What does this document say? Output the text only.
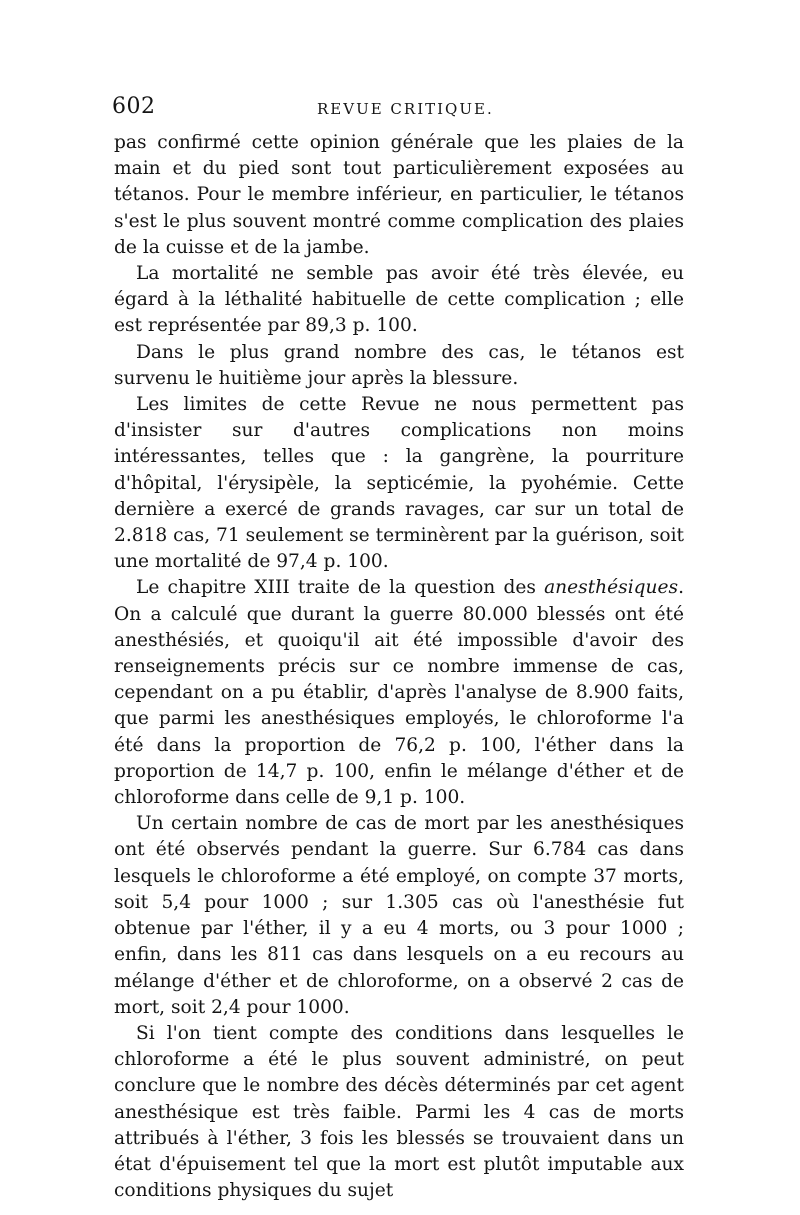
602	REVUE CRITIQUE.

pas confirmé cette opinion générale que les plaies de la main et du pied sont tout particulièrement exposées au tétanos. Pour le membre inférieur, en particulier, le tétanos s'est le plus souvent montré comme complication des plaies de la cuisse et de la jambe.

La mortalité ne semble pas avoir été très élevée, eu égard à la léthalité habituelle de cette complication ; elle est représentée par 89,3 p. 100.

Dans le plus grand nombre des cas, le tétanos est survenu le huitième jour après la blessure.

Les limites de cette Revue ne nous permettent pas d'insister sur d'autres complications non moins intéressantes, telles que : la gangrène, la pourriture d'hôpital, l'érysipèle, la septicémie, la pyohémie. Cette dernière a exercé de grands ravages, car sur un total de 2.818 cas, 71 seulement se terminèrent par la guérison, soit une mortalité de 97,4 p. 100.

Le chapitre XIII traite de la question des anesthésiques. On a calculé que durant la guerre 80.000 blessés ont été anesthésiés, et quoiqu'il ait été impossible d'avoir des renseignements précis sur ce nombre immense de cas, cependant on a pu établir, d'après l'analyse de 8.900 faits, que parmi les anesthésiques employés, le chloroforme l'a été dans la proportion de 76,2 p. 100, l'éther dans la proportion de 14,7 p. 100, enfin le mélange d'éther et de chloroforme dans celle de 9,1 p. 100.

Un certain nombre de cas de mort par les anesthésiques ont été observés pendant la guerre. Sur 6.784 cas dans lesquels le chloroforme a été employé, on compte 37 morts, soit 5,4 pour 1000 ; sur 1.305 cas où l'anesthésie fut obtenue par l'éther, il y a eu 4 morts, ou 3 pour 1000 ; enfin, dans les 811 cas dans lesquels on a eu recours au mélange d'éther et de chloroforme, on a observé 2 cas de mort, soit 2,4 pour 1000.

Si l'on tient compte des conditions dans lesquelles le chloroforme a été le plus souvent administré, on peut conclure que le nombre des décès déterminés par cet agent anesthésique est très faible. Parmi les 4 cas de morts attribués à l'éther, 3 fois les blessés se trouvaient dans un état d'épuisement tel que la mort est plutôt imputable aux conditions physiques du sujet
